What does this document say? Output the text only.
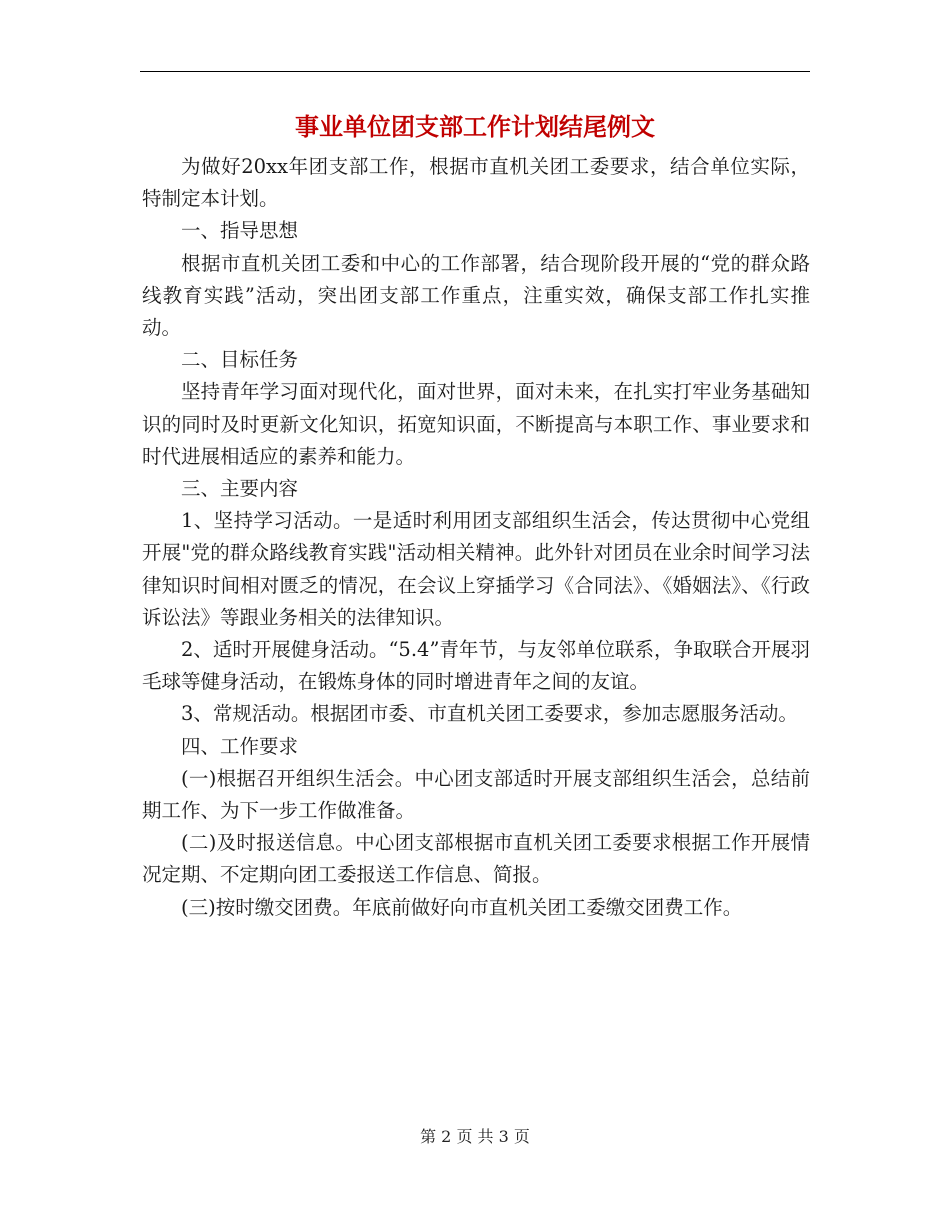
事业单位团支部工作计划结尾例文

为做好20xx年团支部工作，根据市直机关团工委要求，结合单位实际，特制定本计划。

一、指导思想

根据市直机关团工委和中心的工作部署，结合现阶段开展的“党的群众路线教育实践”活动，突出团支部工作重点，注重实效，确保支部工作扎实推动。

二、目标任务

坚持青年学习面对现代化，面对世界，面对未来，在扎实打牢业务基础知识的同时及时更新文化知识，拓宽知识面，不断提高与本职工作、事业要求和时代进展相适应的素养和能力。

三、主要内容

1、坚持学习活动。一是适时利用团支部组织生活会，传达贯彻中心党组开展"党的群众路线教育实践"活动相关精神。此外针对团员在业余时间学习法律知识时间相对匮乏的情况，在会议上穿插学习《合同法》、《婚姻法》、《行政诉讼法》等跟业务相关的法律知识。

2、适时开展健身活动。“5.4”青年节，与友邻单位联系，争取联合开展羽毛球等健身活动，在锻炼身体的同时增进青年之间的友谊。

3、常规活动。根据团市委、市直机关团工委要求，参加志愿服务活动。

四、工作要求

(一)根据召开组织生活会。中心团支部适时开展支部组织生活会，总结前期工作、为下一步工作做准备。

(二)及时报送信息。中心团支部根据市直机关团工委要求根据工作开展情况定期、不定期向团工委报送工作信息、简报。

(三)按时缴交团费。年底前做好向市直机关团工委缴交团费工作。

第 2 页 共 3 页
